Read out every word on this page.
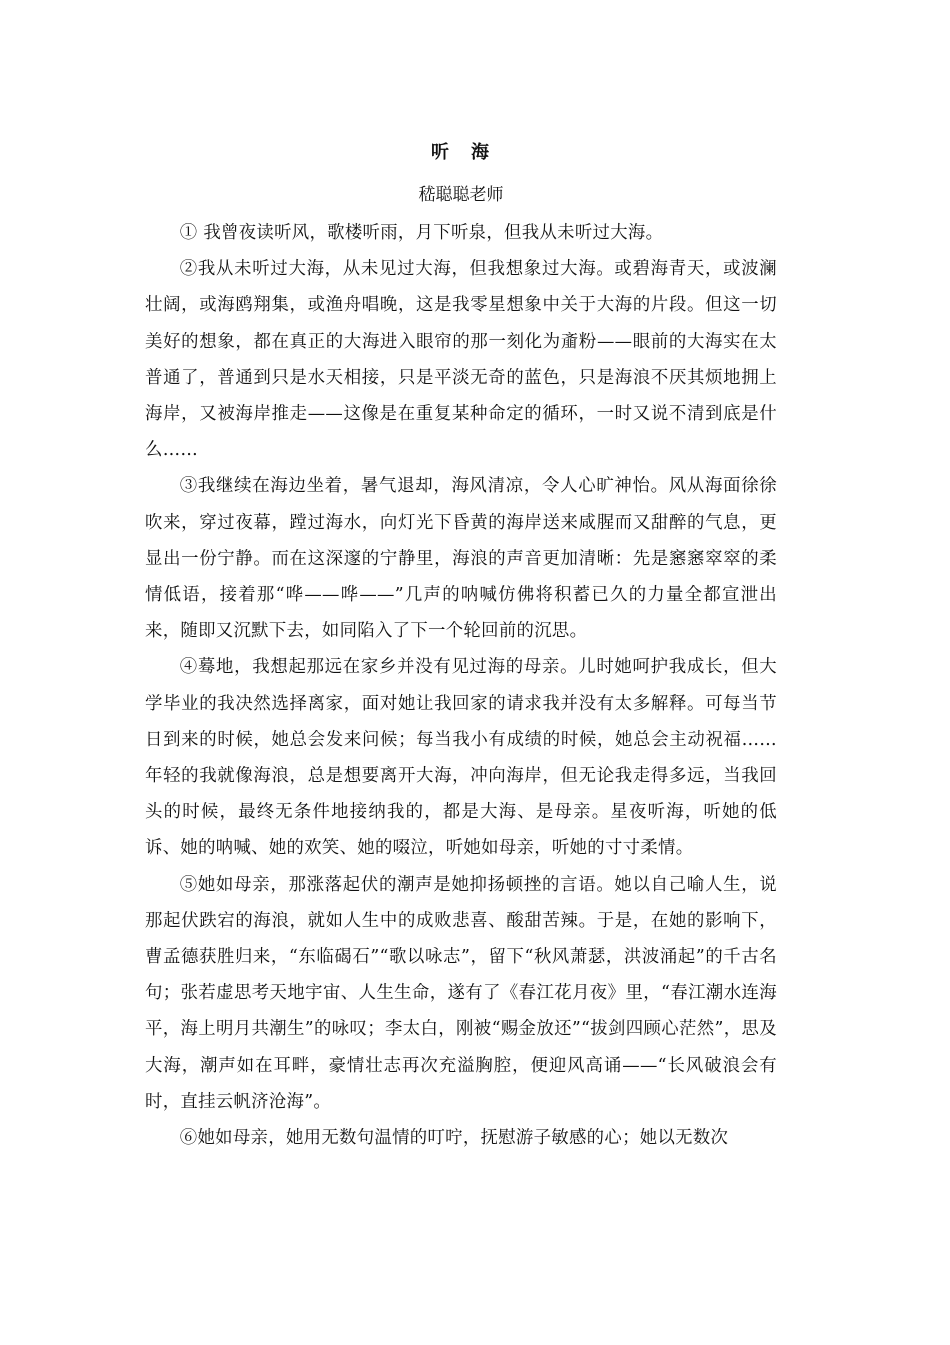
听　海

嵇聪聪老师

① 我曾夜读听风，歌楼听雨，月下听泉，但我从未听过大海。

②我从未听过大海，从未见过大海，但我想象过大海。或碧海青天，或波澜壮阔，或海鸥翔集，或渔舟唱晚，这是我零星想象中关于大海的片段。但这一切美好的想象，都在真正的大海进入眼帘的那一刻化为齑粉——眼前的大海实在太普通了，普通到只是水天相接，只是平淡无奇的蓝色，只是海浪不厌其烦地拥上海岸，又被海岸推走——这像是在重复某种命定的循环，一时又说不清到底是什么……

③我继续在海边坐着，暑气退却，海风清凉，令人心旷神怡。风从海面徐徐吹来，穿过夜幕，蹚过海水，向灯光下昏黄的海岸送来咸腥而又甜醉的气息，更显出一份宁静。而在这深邃的宁静里，海浪的声音更加清晰：先是窸窸窣窣的柔情低语，接着那“哗——哗——”几声的呐喊仿佛将积蓄已久的力量全都宣泄出来，随即又沉默下去，如同陷入了下一个轮回前的沉思。

④蓦地，我想起那远在家乡并没有见过海的母亲。儿时她呵护我成长，但大学毕业的我决然选择离家，面对她让我回家的请求我并没有太多解释。可每当节日到来的时候，她总会发来问候；每当我小有成绩的时候，她总会主动祝福……年轻的我就像海浪，总是想要离开大海，冲向海岸，但无论我走得多远，当我回头的时候，最终无条件地接纳我的，都是大海、是母亲。星夜听海，听她的低诉、她的呐喊、她的欢笑、她的啜泣，听她如母亲，听她的寸寸柔情。

⑤她如母亲，那涨落起伏的潮声是她抑扬顿挫的言语。她以自己喻人生，说那起伏跌宕的海浪，就如人生中的成败悲喜、酸甜苦辣。于是，在她的影响下，曹孟德获胜归来，“东临碣石”“歌以咏志”，留下“秋风萧瑟，洪波涌起”的千古名句；张若虚思考天地宇宙、人生生命，遂有了《春江花月夜》里，“春江潮水连海平，海上明月共潮生”的咏叹；李太白，刚被“赐金放还”“拔剑四顾心茫然”，思及大海，潮声如在耳畔，豪情壮志再次充溢胸腔，便迎风高诵——“长风破浪会有时，直挂云帆济沧海”。

⑥她如母亲，她用无数句温情的叮咛，抚慰游子敏感的心；她以无数次
